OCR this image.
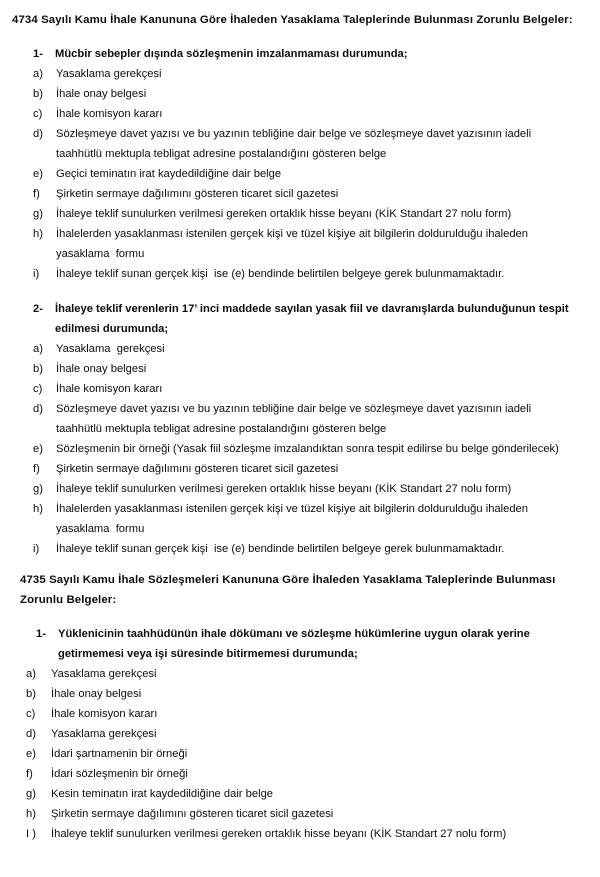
4734 Sayılı Kamu İhale Kanununa Göre İhaleden Yasaklama Taleplerinde Bulunması Zorunlu Belgeler:
1-	Mücbir sebepler dışında sözleşmenin imzalanmaması durumunda;
a)	Yasaklama gerekçesi
b)	İhale onay belgesi
c)	İhale komisyon kararı
d)	Sözleşmeye davet yazısı ve bu yazının tebliğine dair belge ve sözleşmeye davet yazısının iadeli taahhütlü mektupla tebligat adresine postalandığını gösteren belge
e)	Geçici teminatın irat kaydedildiğine dair belge
f)	Şirketin sermaye dağılımını gösteren ticaret sicil gazetesi
g)	İhaleye teklif sunulurken verilmesi gereken ortaklık hisse beyanı (KİK Standart 27 nolu form)
h)	İhalelerden yasaklanması istenilen gerçek kişi ve tüzel kişiye ait bilgilerin doldurulduğu ihaleden yasaklama  formu
i)	İhaleye teklif sunan gerçek kişi  ise (e) bendinde belirtilen belgeye gerek bulunmamaktadır.
2-	İhaleye teklif verenlerin 17’ inci maddede sayılan yasak fiil ve davranışlarda bulunduğunun tespit edilmesi durumunda;
a)	Yasaklama  gerekçesi
b)	İhale onay belgesi
c)	İhale komisyon kararı
d)	Sözleşmeye davet yazısı ve bu yazının tebliğine dair belge ve sözleşmeye davet yazısının iadeli taahhütlü mektupla tebligat adresine postalandığını gösteren belge
e)	Sözleşmenin bir örneği (Yasak fiil sözleşme imzalandıktan sonra tespit edilirse bu belge gönderilecek)
f)	Şirketin sermaye dağılımını gösteren ticaret sicil gazetesi
g)	İhaleye teklif sunulurken verilmesi gereken ortaklık hisse beyanı (KİK Standart 27 nolu form)
h)	İhalelerden yasaklanması istenilen gerçek kişi ve tüzel kişiye ait bilgilerin doldurulduğu ihaleden yasaklama  formu
i)	İhaleye teklif sunan gerçek kişi  ise (e) bendinde belirtilen belgeye gerek bulunmamaktadır.
4735 Sayılı Kamu İhale Sözleşmeleri Kanununa Göre İhaleden Yasaklama Taleplerinde Bulunması Zorunlu Belgeler:
1-	Yüklenicinin taahhüdünün ihale dökümanı ve sözleşme hükümlerine uygun olarak yerine getirmemesi veya işi süresinde bitirmemesi durumunda;
a)	Yasaklama gerekçesi
b)	İhale onay belgesi
c)	İhale komisyon kararı
d)	Yasaklama gerekçesi
e)	İdari şartnamenin bir örneği
f)	İdari sözleşmenin bir örneği
g)	Kesin teminatın irat kaydedildiğine dair belge
h)	Şirketin sermaye dağılımını gösteren ticaret sicil gazetesi
I )	İhaleye teklif sunulurken verilmesi gereken ortaklık hisse beyanı (KİK Standart 27 nolu form)
